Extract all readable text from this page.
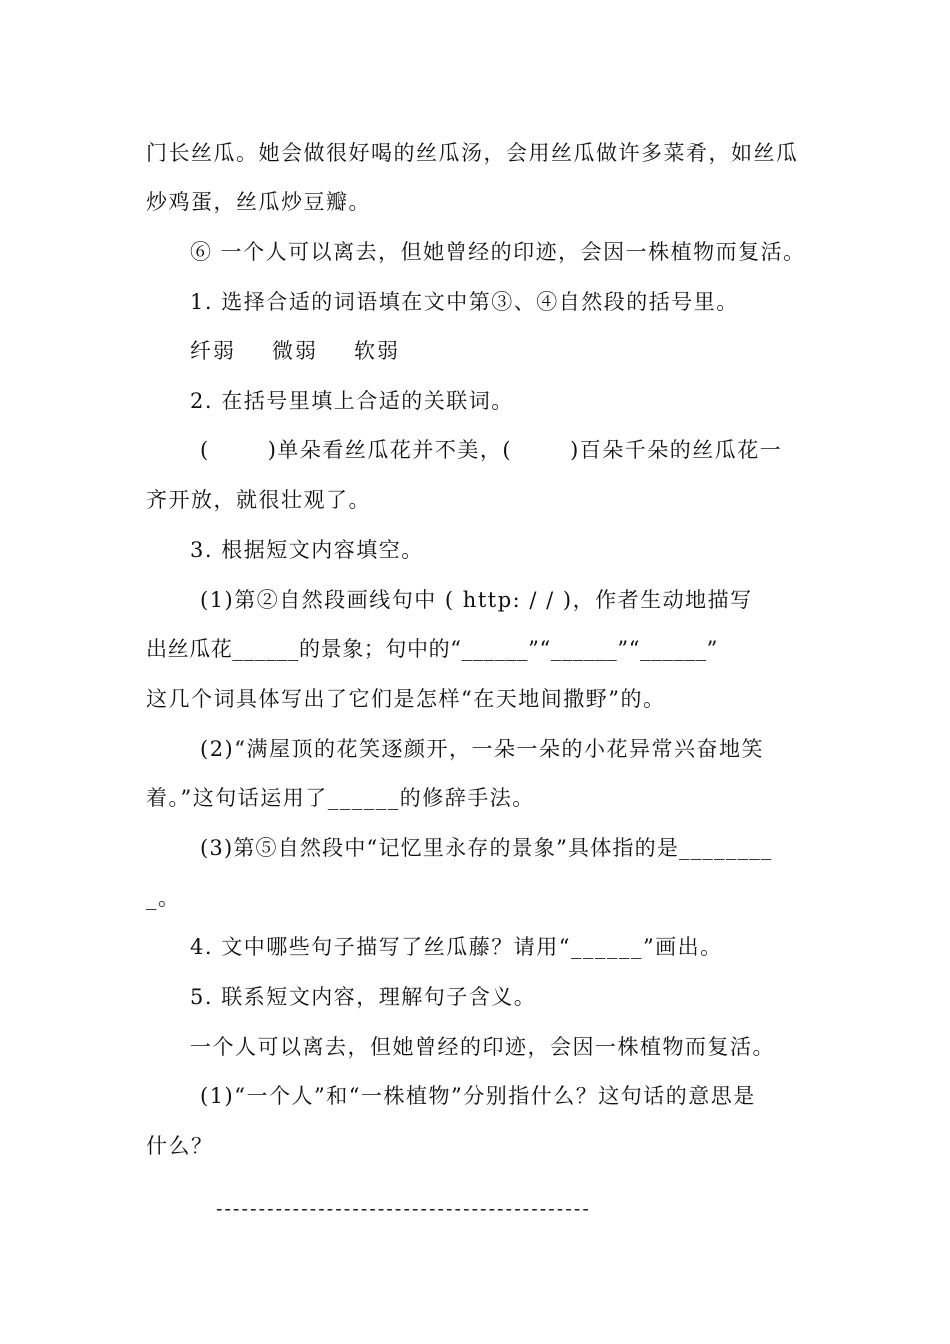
门长丝瓜。她会做很好喝的丝瓜汤，会用丝瓜做许多菜肴，如丝瓜
炒鸡蛋，丝瓜炒豆瓣。
⑥ 一个人可以离去，但她曾经的印迹，会因一株植物而复活。
1. 选择合适的词语填在文中第③、④自然段的括号里。
纤弱 微弱 软弱
2. 在括号里填上合适的关联词。
(	)单朵看丝瓜花并不美，(	)百朵千朵的丝瓜花一
齐开放，就很壮观了。
3. 根据短文内容填空。
(1)第②自然段画线句中 ( http: / / )，作者生动地描写
出丝瓜花______的景象；句中的“______”“______”“______”
这几个词具体写出了它们是怎样“在天地间撒野”的。
(2)“满屋顶的花笑逐颜开，一朵一朵的小花异常兴奋地笑
着。”这句话运用了______的修辞手法。
(3)第⑤自然段中“记忆里永存的景象”具体指的是________
_。
4. 文中哪些句子描写了丝瓜藤？请用“______”画出。
5. 联系短文内容，理解句子含义。
一个人可以离去，但她曾经的印迹，会因一株植物而复活。
(1)“一个人”和“一株植物”分别指什么？这句话的意思是
什么？
--------------------------------------------
